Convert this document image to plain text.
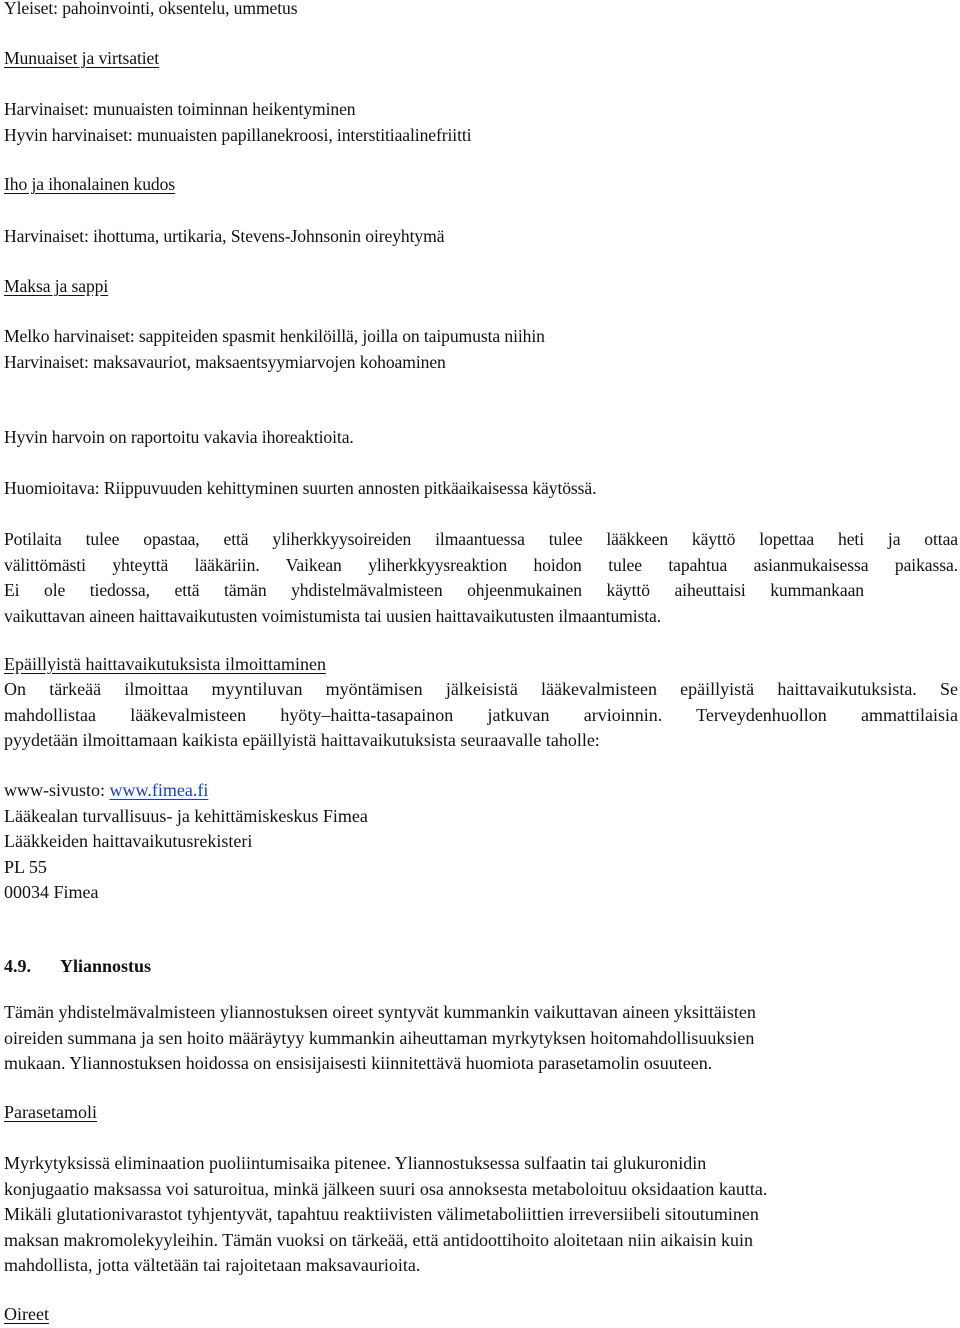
Yleiset: pahoinvointi, oksentelu, ummetus
Munuaiset ja virtsatiet
Harvinaiset: munuaisten toiminnan heikentyminen
Hyvin harvinaiset: munuaisten papillanekroosi, interstitiaalinefriitti
Iho ja ihonalainen kudos
Harvinaiset: ihottuma, urtikaria, Stevens-Johnsonin oireyhtymä
Maksa ja sappi
Melko harvinaiset: sappiteiden spasmit henkilöillä, joilla on taipumusta niihin
Harvinaiset: maksavauriot, maksaentsyymiarvojen kohoaminen
Hyvin harvoin on raportoitu vakavia ihoreaktioita.
Huomioitava: Riippuvuuden kehittyminen suurten annosten pitkäaikaisessa käytössä.
Potilaita tulee opastaa, että yliherkkyysoireiden ilmaantuessa tulee lääkkeen käyttö lopettaa heti ja ottaa
välittömästi yhteyttä lääkäriin. Vaikean yliherkkyysreaktion hoidon tulee tapahtua asianmukaisessa paikassa.
Ei ole tiedossa, että tämän yhdistelmävalmisteen ohjeenmukainen käyttö aiheuttaisi kummankaan
vaikuttavan aineen haittavaikutusten voimistumista tai uusien haittavaikutusten ilmaantumista.
Epäillyistä haittavaikutuksista ilmoittaminen
On tärkeää ilmoittaa myyntiluvan myöntämisen jälkeisistä lääkevalmisteen epäillyistä haittavaikutuksista. Se
mahdollistaa lääkevalmisteen hyöty–haitta-tasapainon jatkuvan arvioinnin. Terveydenhuollon ammattilaisia
pyydetään ilmoittamaan kaikista epäillyistä haittavaikutuksista seuraavalle taholle:
www-sivusto: www.fimea.fi
Lääkealan turvallisuus- ja kehittämiskeskus Fimea
Lääkkeiden haittavaikutusrekisteri
PL 55
00034 Fimea
4.9. Yliannostus
Tämän yhdistelmävalmisteen yliannostuksen oireet syntyvät kummankin vaikuttavan aineen yksittäisten
oireiden summana ja sen hoito määräytyy kummankin aiheuttaman myrkytyksen hoitomahdollisuuksien
mukaan. Yliannostuksen hoidossa on ensisijaisesti kiinnitettävä huomiota parasetamolin osuuteen.
Parasetamoli
Myrkytyksissä eliminaation puoliintumisaika pitenee. Yliannostuksessa sulfaatin tai glukuronidin
konjugaatio maksassa voi saturoitua, minkä jälkeen suuri osa annoksesta metaboloituu oksidaation kautta.
Mikäli glutationivarastot tyhjentyvät, tapahtuu reaktiivisten välimetaboliittien irreversiibeli sitoutuminen
maksan makromolekyyleihin. Tämän vuoksi on tärkeää, että antidoottihoito aloitetaan niin aikaisin kuin
mahdollista, jotta vältetään tai rajoitetaan maksavaurioita.
Oireet
